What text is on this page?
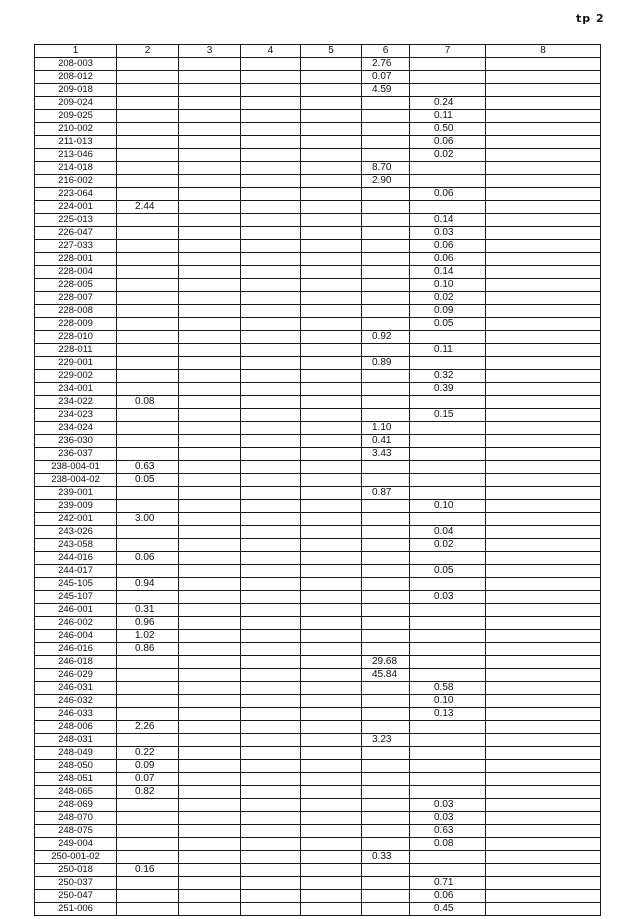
tp 2
1	2	3	4	5	6	7	8
208-003					2.76		
208-012					0.07		
209-018					4.59		
209-024						0.24	
209-025						0.11	
210-002						0.50	
211-013						0.06	
213-046						0.02	
214-018					8.70		
216-002					2.90		
223-064						0.06	
224-001	2.44						
225-013						0.14	
226-047						0.03	
227-033						0.06	
228-001						0.06	
228-004						0.14	
228-005						0.10	
228-007						0.02	
228-008						0.09	
228-009						0.05	
228-010					0.92		
228-011						0.11	
229-001					0.89		
229-002						0.32	
234-001						0.39	
234-022	0.08						
234-023						0.15	
234-024					1.10		
236-030					0.41		
236-037					3.43		
238-004-01	0.63						
238-004-02	0.05						
239-001					0.87		
239-009						0.10	
242-001	3.00						
243-026						0.04	
243-058						0.02	
244-016	0.06						
244-017						0.05	
245-105	0.94						
245-107						0.03	
246-001	0.31						
246-002	0.96						
246-004	1.02						
246-016	0.86						
246-018					29.68		
246-029					45.84		
246-031						0.58	
246-032						0.10	
246-033						0.13	
248-006	2.26						
248-031					3.23		
248-049	0.22						
248-050	0.09						
248-051	0.07						
248-065	0.82						
248-069						0.03	
248-070						0.03	
248-075						0.63	
249-004						0.08	
250-001-02					0.33		
250-018	0.16						
250-037						0.71	
250-047						0.06	
251-006						0.45	
